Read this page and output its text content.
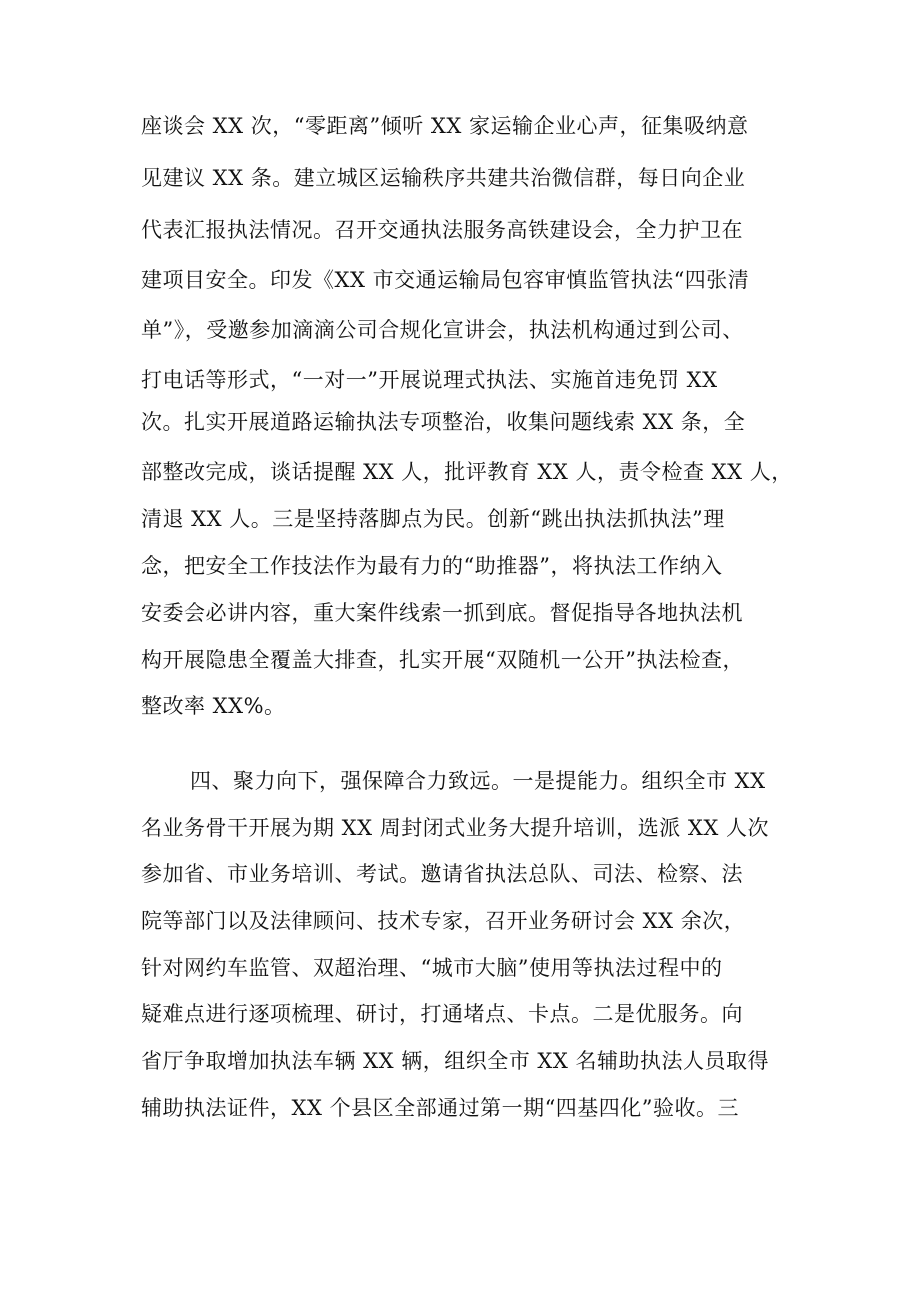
座谈会 XX 次，“零距离”倾听 XX 家运输企业心声，征集吸纳意
见建议 XX 条。建立城区运输秩序共建共治微信群，每日向企业
代表汇报执法情况。召开交通执法服务高铁建设会，全力护卫在
建项目安全。印发《XX 市交通运输局包容审慎监管执法“四张清
单”》，受邀参加滴滴公司合规化宣讲会，执法机构通过到公司、
打电话等形式，“一对一”开展说理式执法、实施首违免罚 XX
次。扎实开展道路运输执法专项整治，收集问题线索 XX 条，全
部整改完成，谈话提醒 XX 人，批评教育 XX 人，责令检查 XX 人，
清退 XX 人。三是坚持落脚点为民。创新“跳出执法抓执法”理
念，把安全工作技法作为最有力的“助推器”，将执法工作纳入
安委会必讲内容，重大案件线索一抓到底。督促指导各地执法机
构开展隐患全覆盖大排查，扎实开展“双随机一公开”执法检查，
整改率 XX%。
四、聚力向下，强保障合力致远。一是提能力。组织全市 XX
名业务骨干开展为期 XX 周封闭式业务大提升培训，选派 XX 人次
参加省、市业务培训、考试。邀请省执法总队、司法、检察、法
院等部门以及法律顾问、技术专家，召开业务研讨会 XX 余次，
针对网约车监管、双超治理、“城市大脑”使用等执法过程中的
疑难点进行逐项梳理、研讨，打通堵点、卡点。二是优服务。向
省厅争取增加执法车辆 XX 辆，组织全市 XX 名辅助执法人员取得
辅助执法证件，XX 个县区全部通过第一期“四基四化”验收。三
